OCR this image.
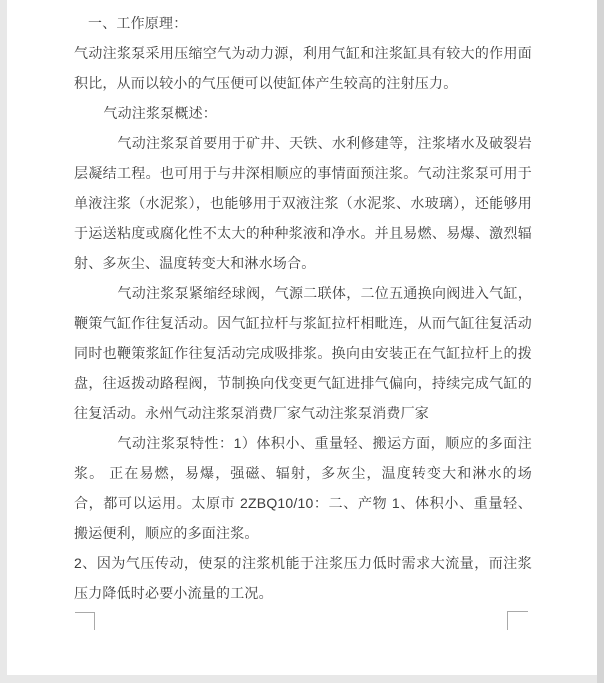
一、工作原理：

气动注浆泵采用压缩空气为动力源，利用气缸和注浆缸具有较大的作用面积比，从而以较小的气压便可以使缸体产生较高的注射压力。

气动注浆泵概述：

气动注浆泵首要用于矿井、天铁、水利修建等，注浆堵水及破裂岩层凝结工程。也可用于与井深相顺应的事情面预注浆。气动注浆泵可用于单液注浆（水泥浆），也能够用于双液注浆（水泥浆、水玻璃），还能够用于运送粘度或腐化性不太大的种种浆液和净水。并且易燃、易爆、激烈辐射、多灰尘、温度转变大和淋水场合。

气动注浆泵紧缩经球阀，气源二联体，二位五通换向阀进入气缸，鞭策气缸作往复活动。因气缸拉杆与浆缸拉杆相毗连，从而气缸往复活动同时也鞭策浆缸作往复活动完成吸排浆。换向由安装正在气缸拉杆上的拨盘，往返拨动路程阀，节制换向伐变更气缸进排气偏向，持续完成气缸的往复活动。永州气动注浆泵消费厂家气动注浆泵消费厂家

气动注浆泵特性：1）体积小、重量轻、搬运方面，顺应的多面注浆。 正在易燃，易爆，强磁、辐射，多灰尘，温度转变大和淋水的场合，都可以运用。太原市 2ZBQ10/10：二、产物 1、体积小、重量轻、搬运便利，顺应的多面注浆。

2、因为气压传动，使泵的注浆机能于注浆压力低时需求大流量，而注浆压力降低时必要小流量的工况。
